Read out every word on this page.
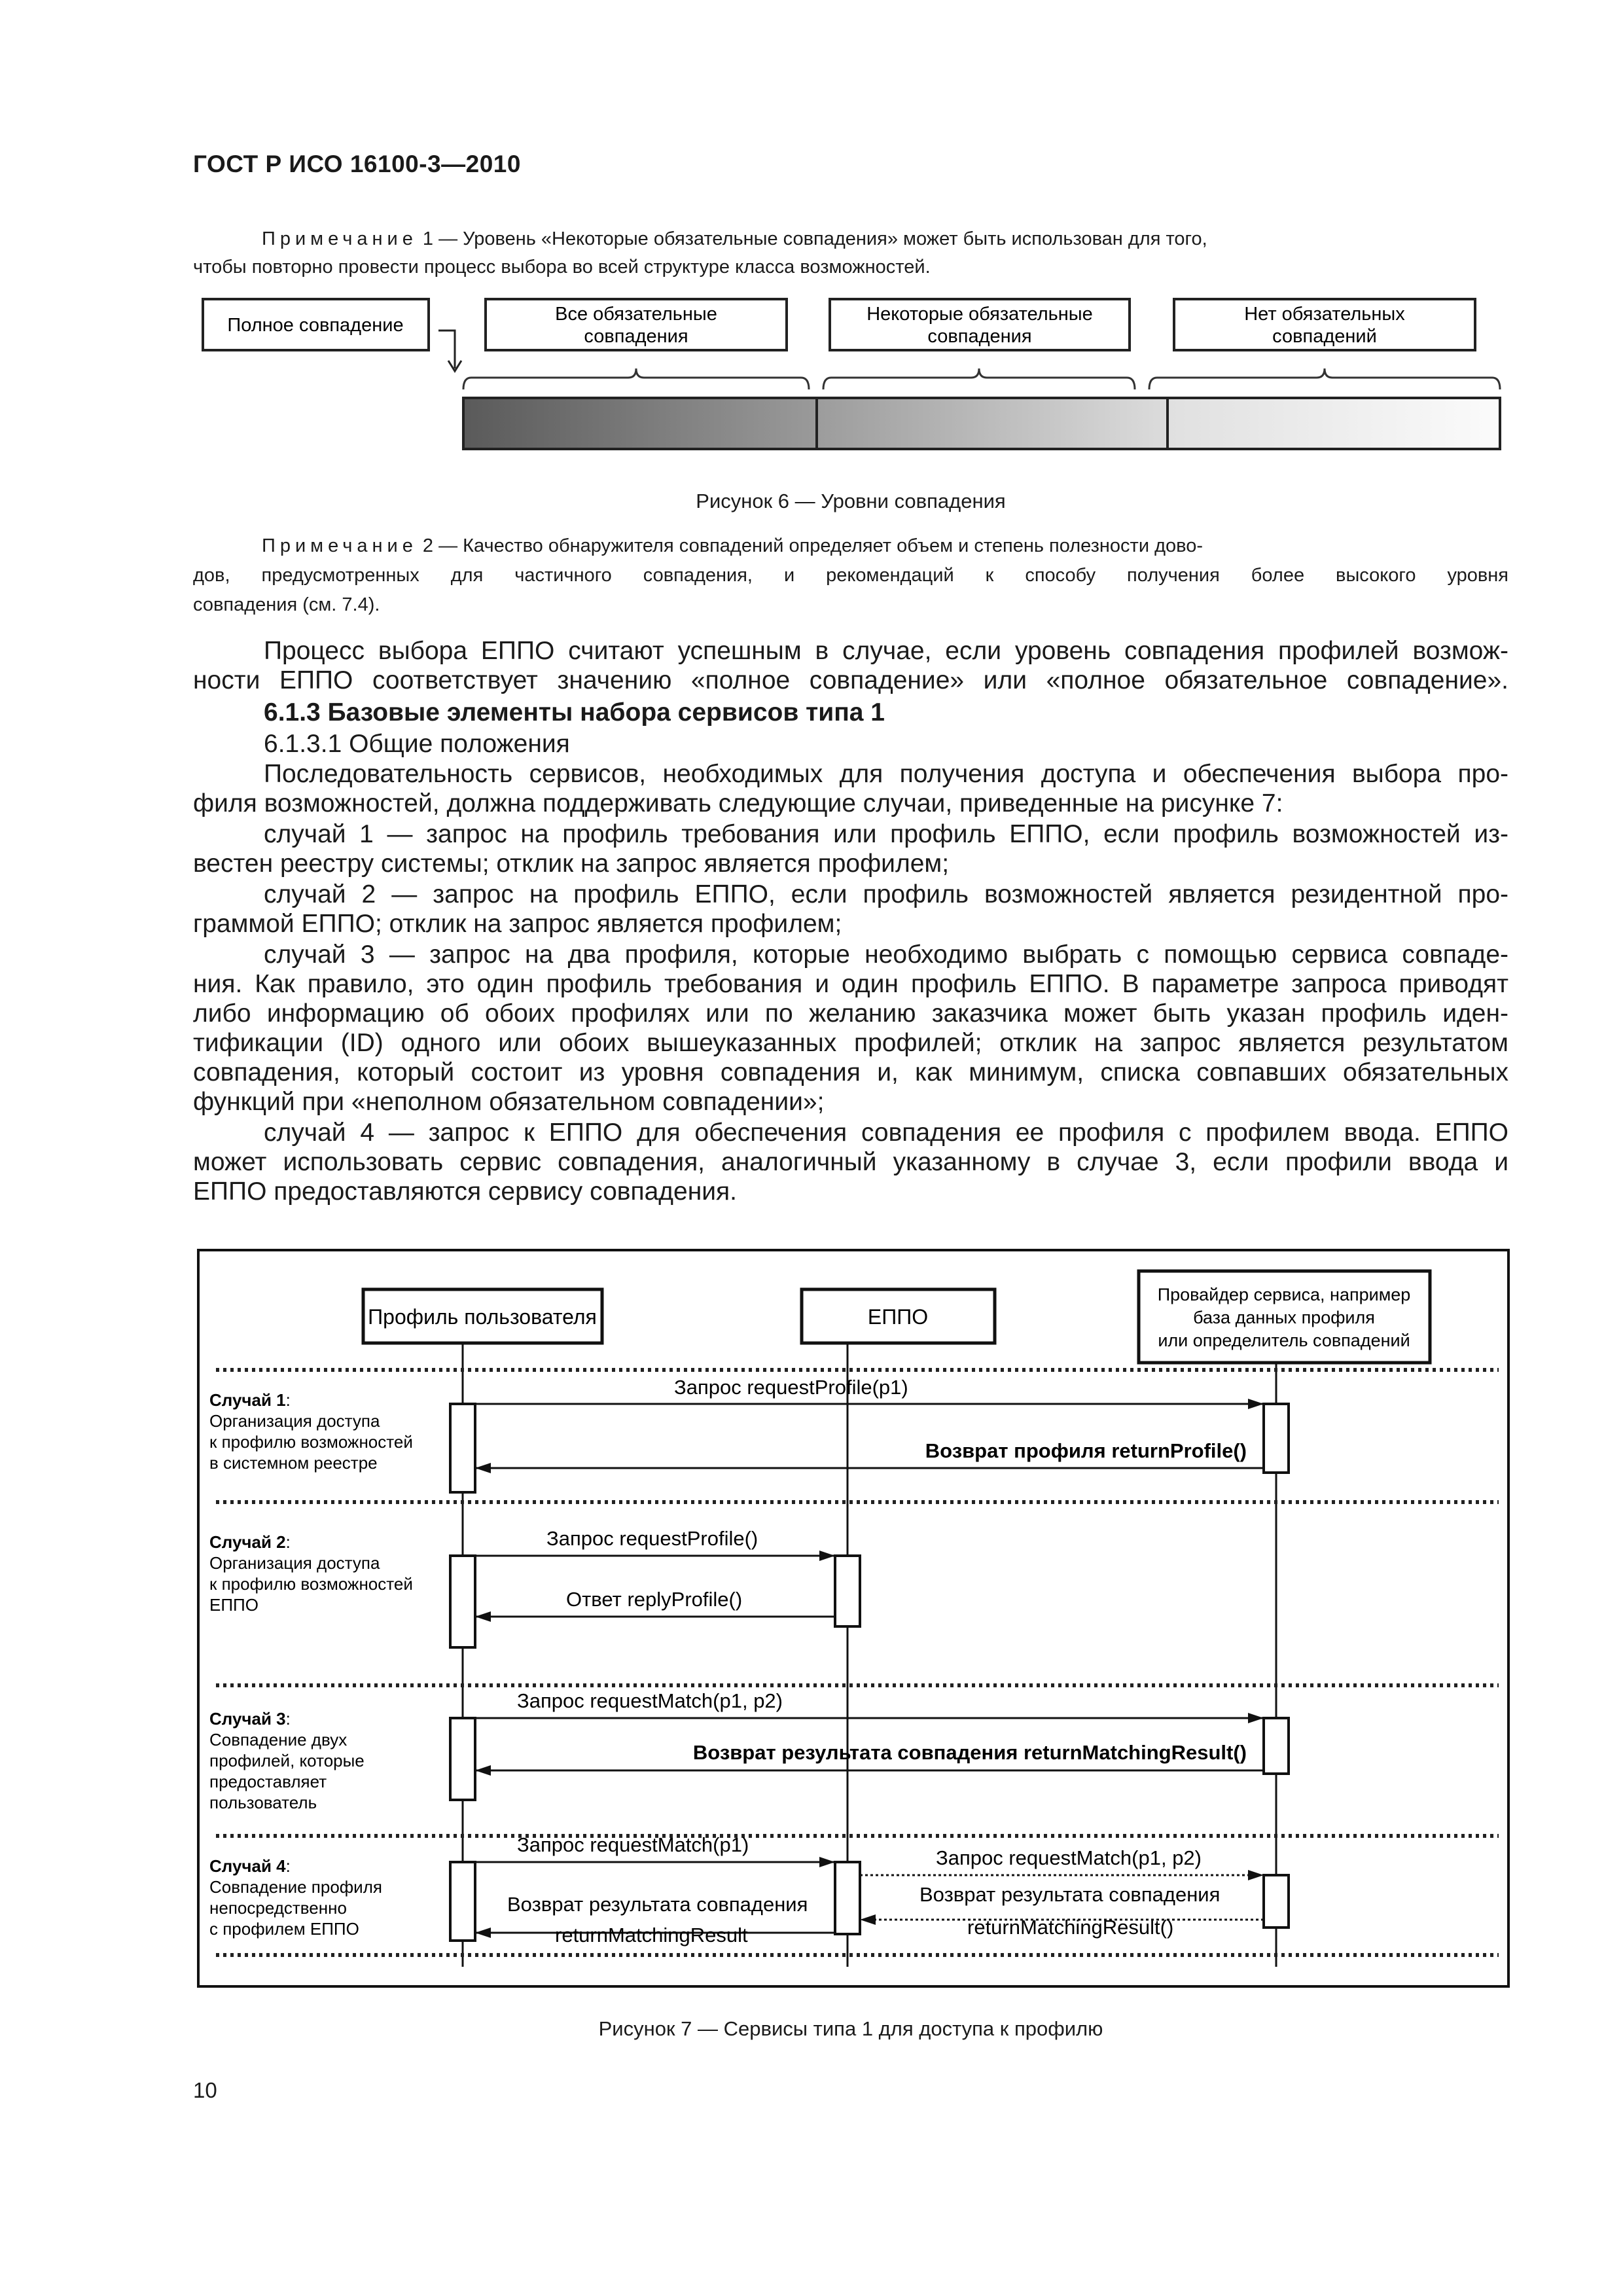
ГОСТ Р ИСО 16100-3—2010
Примечание 1 — Уровень «Некоторые обязательные совпадения» может быть использован для того,
чтобы повторно провести процесс выбора во всей структуре класса возможностей.
Полное совпадение
Все обязательные
совпадения
Некоторые обязательные
совпадения
Нет обязательных
совпадений
Рисунок 6 — Уровни совпадения
Примечание 2 — Качество обнаружителя совпадений определяет объем и степень полезности дово-
дов, предусмотренных для частичного совпадения, и рекомендаций к способу получения более высокого уровня
совпадения (см. 7.4).
Процесс выбора ЕППО считают успешным в случае, если уровень совпадения профилей возмож-
ности ЕППО соответствует значению «полное совпадение» или «полное обязательное совпадение».
6.1.3 Базовые элементы набора сервисов типа 1
6.1.3.1 Общие положения
Последовательность сервисов, необходимых для получения доступа и обеспечения выбора про-
филя возможностей, должна поддерживать следующие случаи, приведенные на рисунке 7:
случай 1 — запрос на профиль требования или профиль ЕППО, если профиль возможностей из-
вестен реестру системы; отклик на запрос является профилем;
случай 2 — запрос на профиль ЕППО, если профиль возможностей является резидентной про-
граммой ЕППО; отклик на запрос является профилем;
случай 3 — запрос на два профиля, которые необходимо выбрать с помощью сервиса совпаде-
ния. Как правило, это один профиль требования и один профиль ЕППО. В параметре запроса приводят
либо информацию об обоих профилях или по желанию заказчика может быть указан профиль иден-
тификации (ID) одного или обоих вышеуказанных профилей; отклик на запрос является результатом
совпадения, который состоит из уровня совпадения и, как минимум, списка совпавших обязательных
функций при «неполном обязательном совпадении»;
случай 4 — запрос к ЕППО для обеспечения совпадения ее профиля с профилем ввода. ЕППО
может использовать сервис совпадения, аналогичный указанному в случае 3, если профили ввода и
ЕППО предоставляются сервису совпадения.
Профиль пользователя	ЕППО
Провайдер сервиса, например
база данных профиля
или определитель совпадений
Случай 1:
Организация доступа
к профилю возможностей
в системном реестре
Запрос requestProfile(p1)
Возврат профиля returnProfile()
Случай 2:
Организация доступа
к профилю возможностей
ЕППО
Запрос requestProfile()
Ответ replyProfile()
Случай 3:
Совпадение двух
профилей, которые
предоставляет
пользователь
Запрос requestMatch(p1, p2)
Возврат результата совпадения returnMatchingResult()
Случай 4:
Совпадение профиля
непосредственно
с профилем ЕППО
Запрос requestMatch(p1)
Возврат результата совпадения
returnMatchingResult
Запрос requestMatch(p1, p2)
Возврат результата совпадения
returnMatchingResult()
Рисунок 7 — Сервисы типа 1 для доступа к профилю
10
